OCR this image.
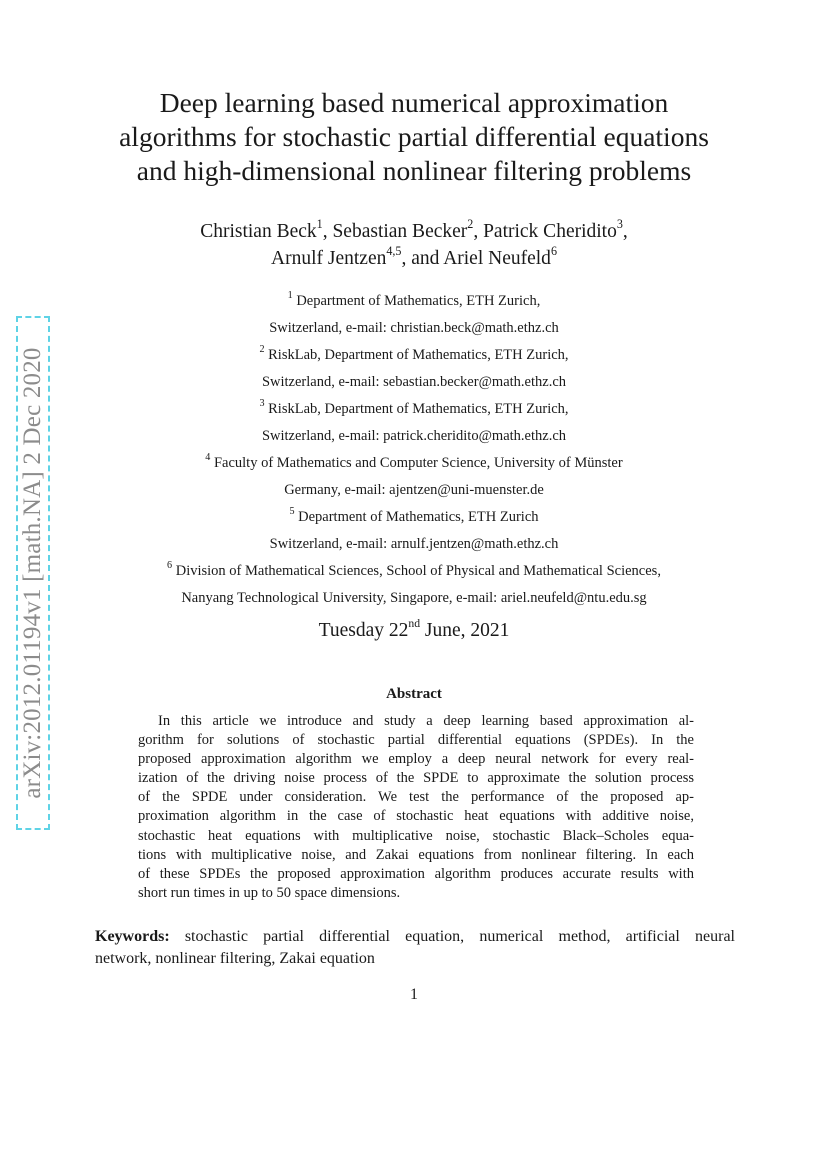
arXiv:2012.01194v1 [math.NA] 2 Dec 2020
Deep learning based numerical approximation
algorithms for stochastic partial differential equations
and high-dimensional nonlinear filtering problems
Christian Beck$^1$, Sebastian Becker$^2$, Patrick Cheridito$^3$,
Arnulf Jentzen$^{4,5}$, and Ariel Neufeld$^6$
$^1$ Department of Mathematics, ETH Zurich,
Switzerland, e-mail: christian.beck@math.ethz.ch
$^2$ RiskLab, Department of Mathematics, ETH Zurich,
Switzerland, e-mail: sebastian.becker@math.ethz.ch
$^3$ RiskLab, Department of Mathematics, ETH Zurich,
Switzerland, e-mail: patrick.cheridito@math.ethz.ch
$^4$ Faculty of Mathematics and Computer Science, University of Münster
Germany, e-mail: ajentzen@uni-muenster.de
$^5$ Department of Mathematics, ETH Zurich
Switzerland, e-mail: arnulf.jentzen@math.ethz.ch
$^6$ Division of Mathematical Sciences, School of Physical and Mathematical Sciences,
Nanyang Technological University, Singapore, e-mail: ariel.neufeld@ntu.edu.sg
Tuesday 22nd June, 2021
Abstract
In this article we introduce and study a deep learning based approximation al-
gorithm for solutions of stochastic partial differential equations (SPDEs). In the
proposed approximation algorithm we employ a deep neural network for every real-
ization of the driving noise process of the SPDE to approximate the solution process
of the SPDE under consideration. We test the performance of the proposed ap-
proximation algorithm in the case of stochastic heat equations with additive noise,
stochastic heat equations with multiplicative noise, stochastic Black–Scholes equa-
tions with multiplicative noise, and Zakai equations from nonlinear filtering. In each
of these SPDEs the proposed approximation algorithm produces accurate results with
short run times in up to 50 space dimensions.
Keywords: stochastic partial differential equation, numerical method, artificial neural
network, nonlinear filtering, Zakai equation
1
